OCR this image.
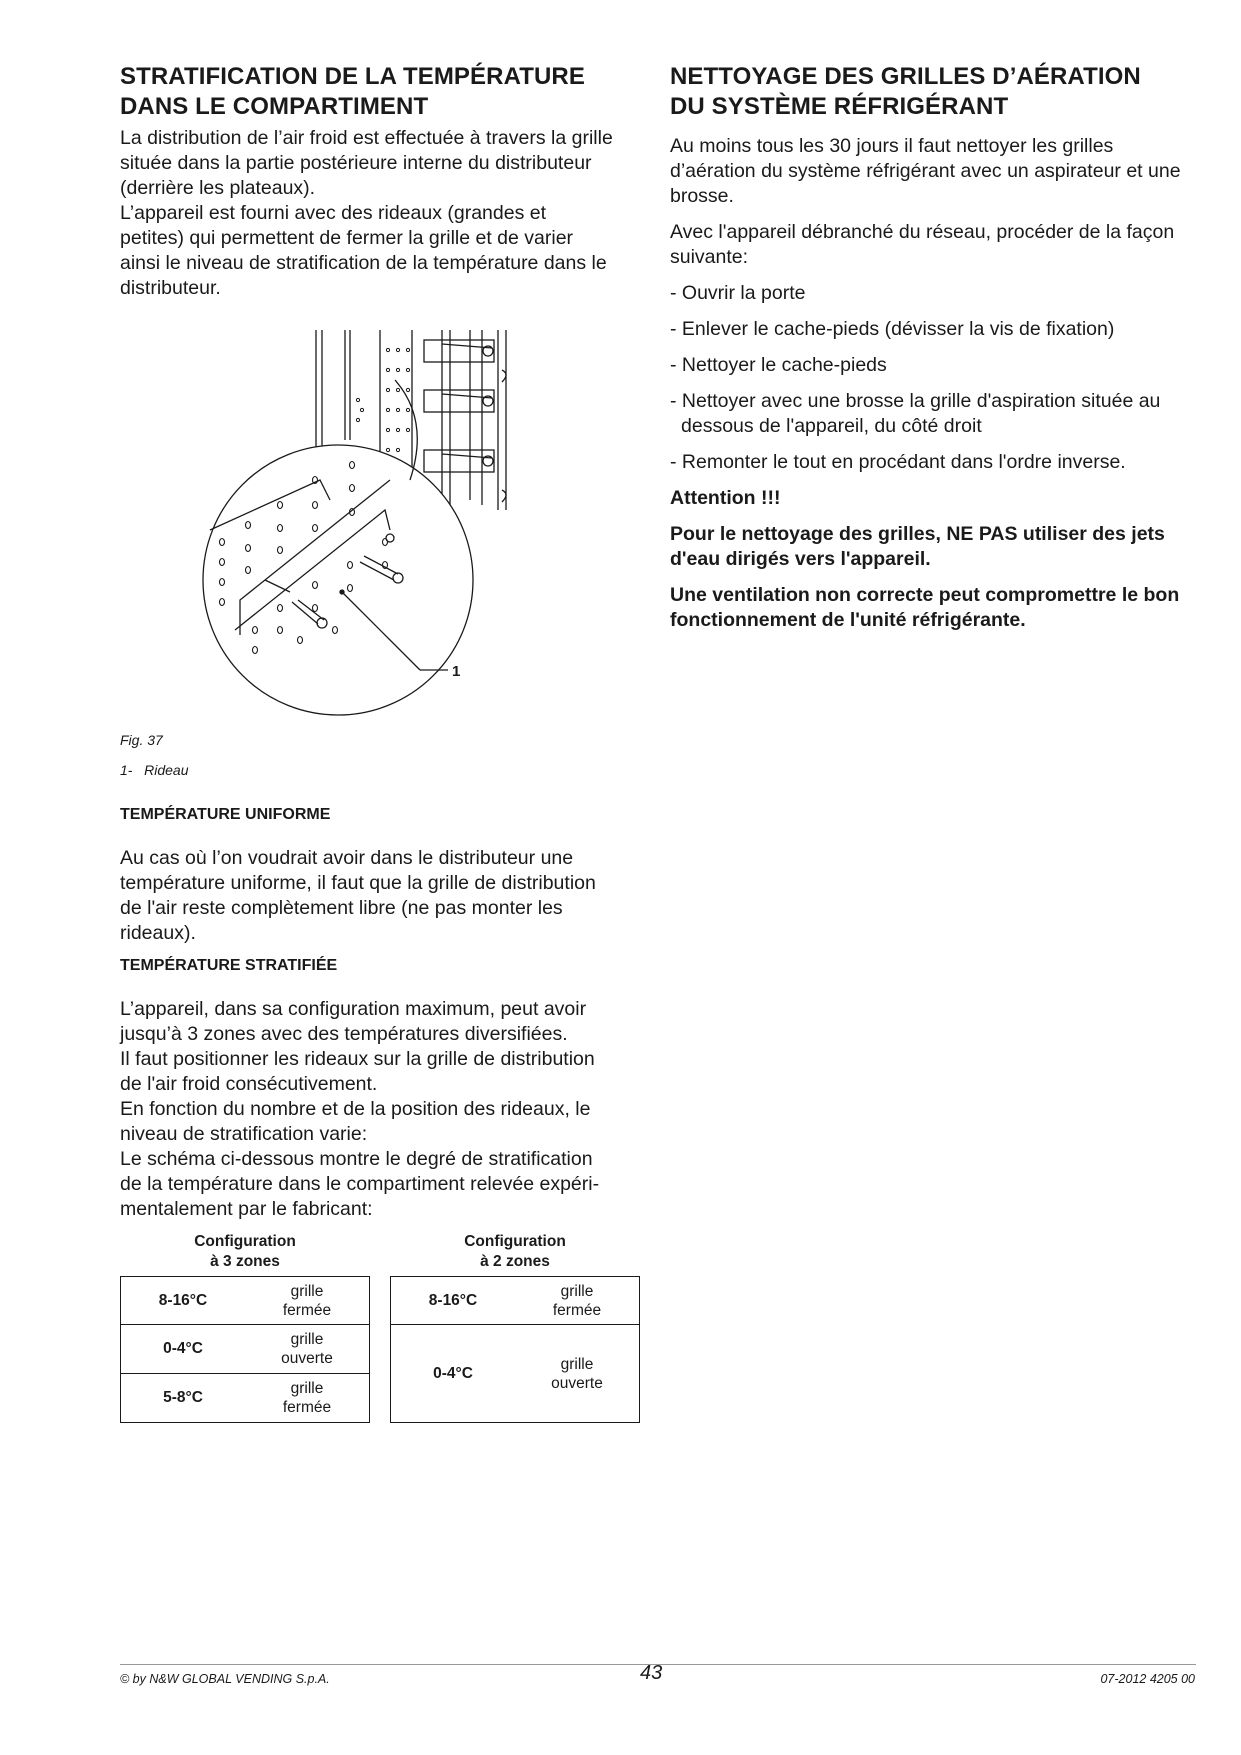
STRATIFICATION DE LA TEMPÉRATURE
DANS LE COMPARTIMENT

La distribution de l’air froid est effectuée à travers la grille

située dans la partie postérieure interne du distributeur

(derrière les plateaux).

L’appareil est fourni avec des rideaux (grandes et

petites) qui permettent de fermer la grille et de varier

ainsi le niveau de stratification de la température dans le

distributeur.

1

Fig. 37

1-   Rideau

TEMPÉRATURE UNIFORME

Au cas où l’on voudrait avoir dans le distributeur une

température uniforme, il faut que la grille de distribution

de l'air reste complètement libre (ne pas monter les

rideaux).

TEMPÉRATURE STRATIFIÉE

L’appareil, dans sa configuration maximum, peut avoir

jusqu’à 3 zones avec des températures diversifiées.

Il faut positionner les rideaux sur la grille de distribution

de l'air froid consécutivement.

En fonction du nombre et de la position des rideaux, le

niveau de stratification varie:

Le schéma ci-dessous montre le degré de stratification

de la température dans le compartiment relevée expéri-

mentalement par le fabricant:

Configuration
à 3 zones
8-16°C
grille
fermée
0-4°C
grille
ouverte
5-8°C
grille
fermée
Configuration
à 2 zones
8-16°C
grille
fermée
0-4°C
grille
ouverte
NETTOYAGE DES GRILLES D’AÉRATION
DU SYSTÈME RÉFRIGÉRANT

Au moins tous les 30 jours il faut nettoyer les grilles d’aération du système réfrigérant avec un aspirateur et une brosse.

Avec l'appareil débranché du réseau, procéder de la façon suivante:

- Ouvrir la porte

- Enlever le cache-pieds (dévisser la vis de fixation)

- Nettoyer le cache-pieds

- Nettoyer avec une brosse la grille d'aspiration située au dessous de l'appareil, du côté droit

- Remonter le tout en procédant dans l'ordre inverse.

Attention !!!

Pour le nettoyage des grilles, NE PAS utiliser des jets d'eau dirigés vers l'appareil.

Une ventilation non correcte peut compromettre le bon fonctionnement de l'unité réfrigérante.

© by N&W GLOBAL VENDING S.p.A.	43	07-2012 4205 00
